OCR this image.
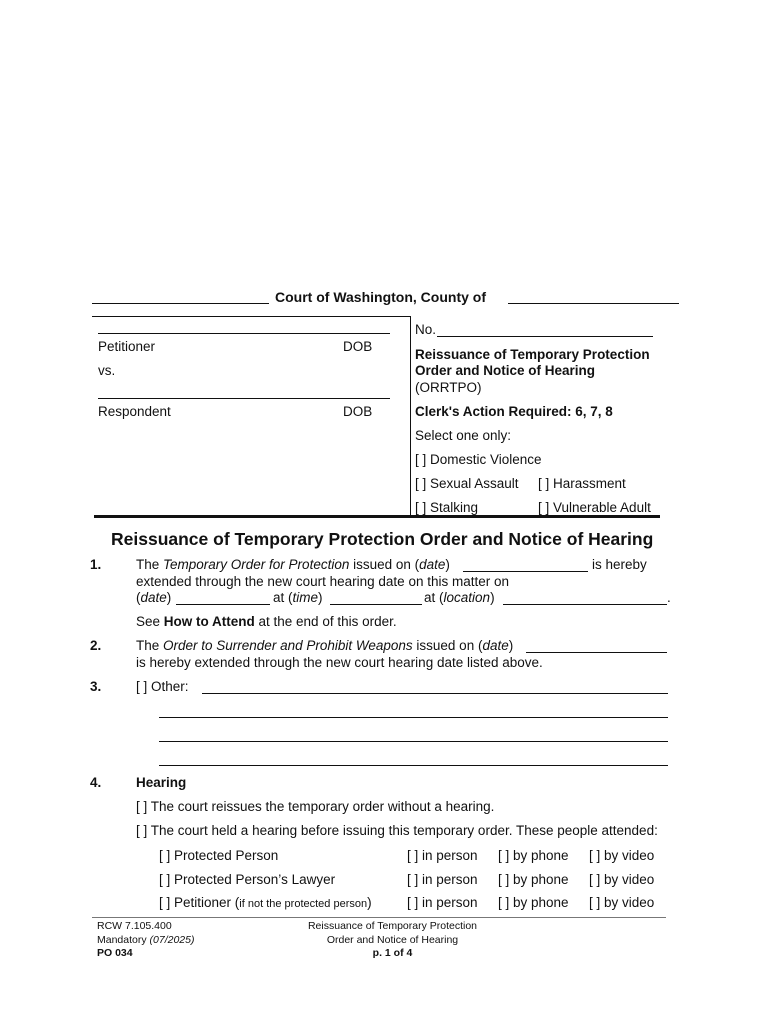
Court of Washington, County of
Petitioner	DOB
vs.
Respondent	DOB
No.
Reissuance of Temporary Protection
Order and Notice of Hearing
(ORRTPO)
Clerk's Action Required: 6, 7, 8
Select one only:
[ ] Domestic Violence
[ ] Sexual Assault [ ] Harassment
[ ] Stalking	[ ] Vulnerable Adult
Reissuance of Temporary Protection Order and Notice of Hearing
1.	The Temporary Order for Protection issued on (date)	is hereby
extended through the new court hearing date on this matter on
(date)	at (time)	at (location)	.
See How to Attend at the end of this order.
2.	The Order to Surrender and Prohibit Weapons issued on (date)
is hereby extended through the new court hearing date listed above.
3.	[ ] Other:
4.	Hearing
[ ] The court reissues the temporary order without a hearing.
[ ] The court held a hearing before issuing this temporary order. These people attended:
[ ] Protected Person	[ ] in person [ ] by phone [ ] by video
[ ] Protected Person’s Lawyer	[ ] in person [ ] by phone [ ] by video
[ ] Petitioner (if not the protected person)	[ ] in person [ ] by phone [ ] by video
RCW 7.105.400
Mandatory (07/2025)
PO 034
Reissuance of Temporary Protection
Order and Notice of Hearing
p. 1 of 4
